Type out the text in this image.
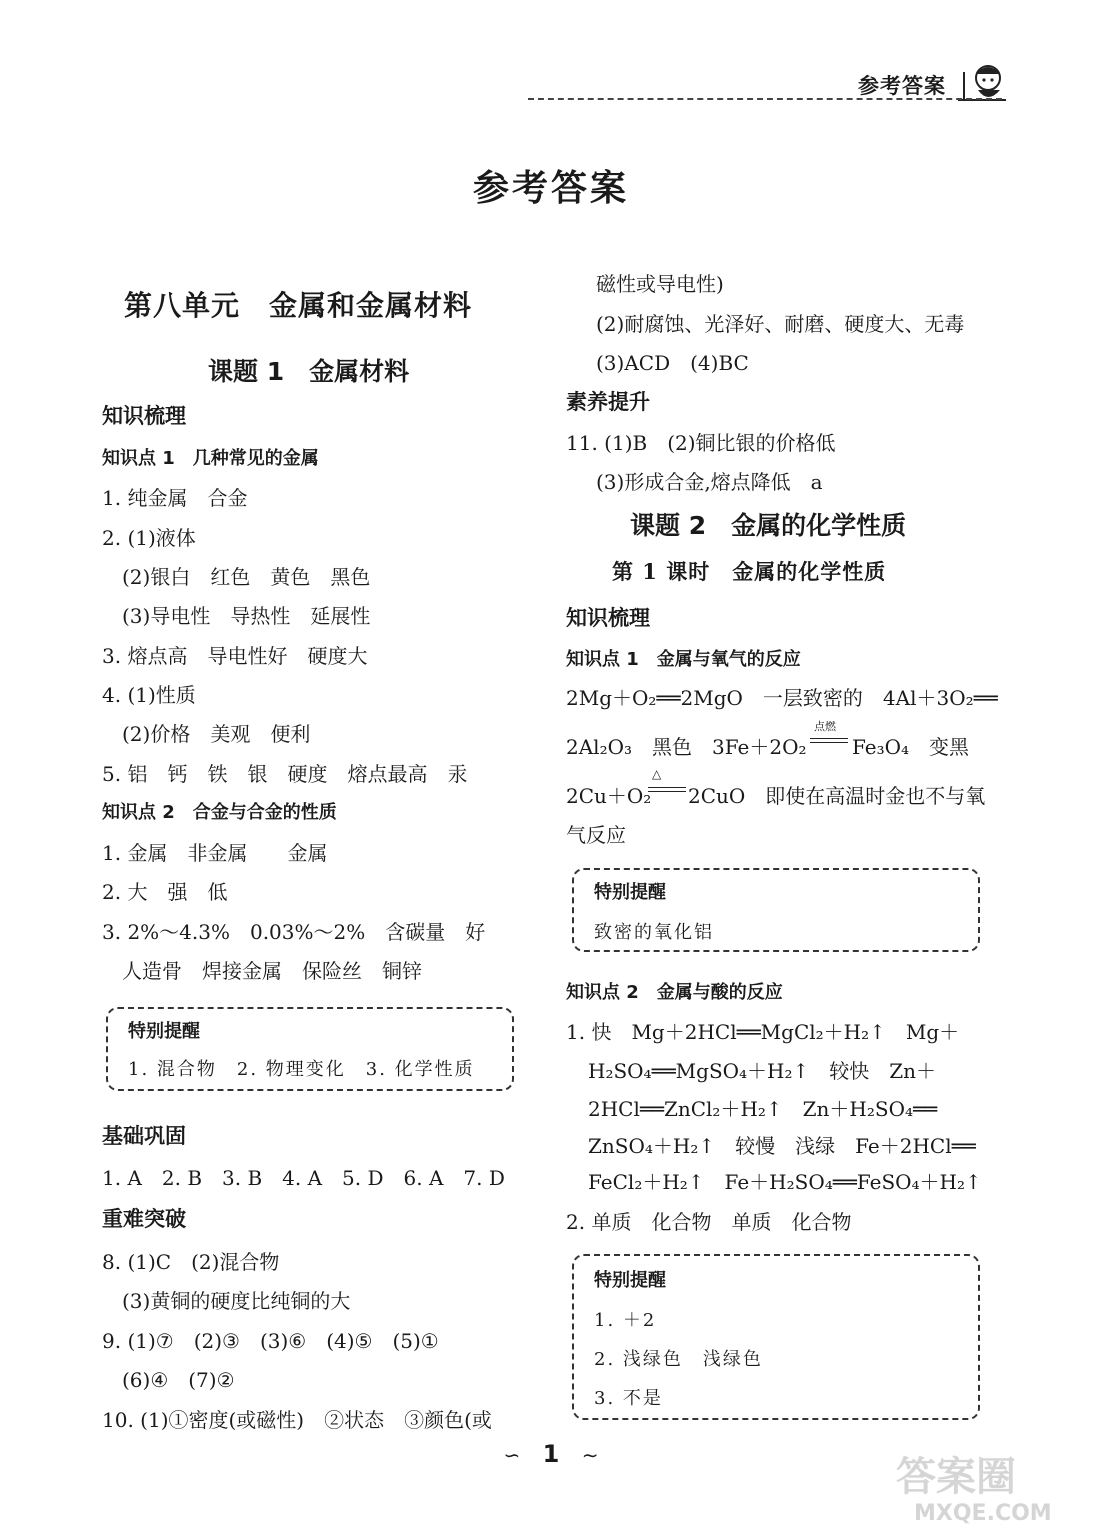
参考答案
参考答案
第八单元　金属和金属材料
课题 1　金属材料
知识梳理
知识点 1　几种常见的金属
1. 纯金属　合金
2. (1)液体
(2)银白　红色　黄色　黑色
(3)导电性　导热性　延展性
3. 熔点高　导电性好　硬度大
4. (1)性质
(2)价格　美观　便利
5. 铝　钙　铁　银　硬度　熔点最高　汞
知识点 2　合金与合金的性质
1. 金属　非金属　　金属
2. 大　强　低
3. 2%～4.3%　0.03%～2%　含碳量　好
人造骨　焊接金属　保险丝　铜锌
特别提醒
1. 混合物　2. 物理变化　3. 化学性质
基础巩固
1. A　2. B　3. B　4. A　5. D　6. A　7. D
重难突破
8. (1)C　(2)混合物
(3)黄铜的硬度比纯铜的大
9. (1)⑦　(2)③　(3)⑥　(4)⑤　(5)①
(6)④　(7)②
10. (1)①密度(或磁性)　②状态　③颜色(或
磁性或导电性)
(2)耐腐蚀、光泽好、耐磨、硬度大、无毒
(3)ACD　(4)BC
素养提升
11. (1)B　(2)铜比银的价格低
(3)形成合金,熔点降低　a
课题 2　金属的化学性质
第 1 课时　金属的化学性质
知识梳理
知识点 1　金属与氧气的反应
2Mg＋O₂══2MgO　一层致密的　4Al＋3O₂══
2Al₂O₃　黑色　3Fe＋2O₂
点燃
Fe₃O₄　变黑
2Cu＋O₂
△
2CuO　即使在高温时金也不与氧
气反应
特别提醒
致密的氧化铝
知识点 2　金属与酸的反应
1. 快　Mg＋2HCl══MgCl₂＋H₂↑　Mg＋
H₂SO₄══MgSO₄＋H₂↑　较快　Zn＋
2HCl══ZnCl₂＋H₂↑　Zn＋H₂SO₄══
ZnSO₄＋H₂↑　较慢　浅绿　Fe＋2HCl══
FeCl₂＋H₂↑　Fe＋H₂SO₄══FeSO₄＋H₂↑
2. 单质　化合物　单质　化合物
特别提醒
1. ＋2
2. 浅绿色　浅绿色
3. 不是
∽ 1 ∼	答案圈
MXQE.COM
